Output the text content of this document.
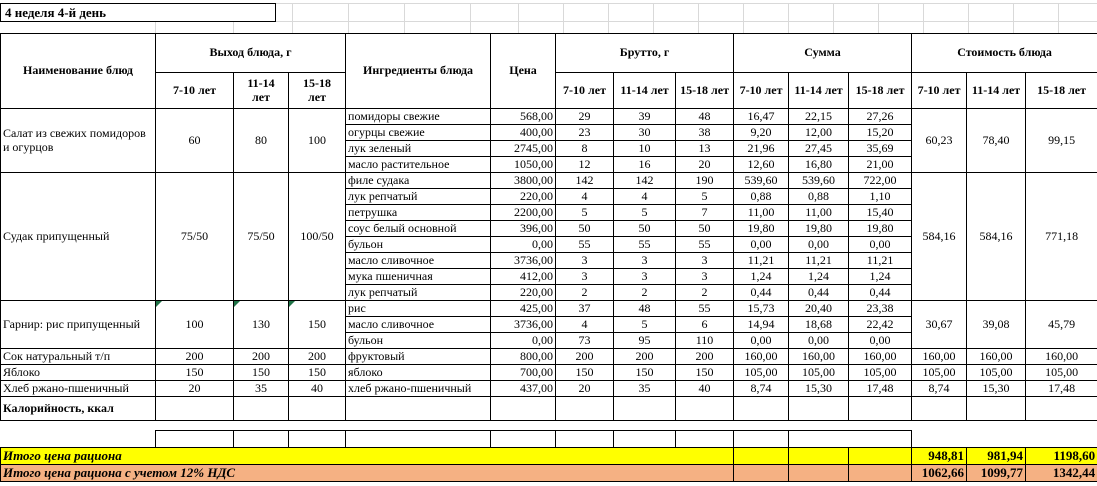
4 неделя 4-й день
Наименование блюд	Выход блюда, г			Ингредиенты блюда	Цена	Брутто, г			Сумма			Стоимость блюда		
	7-10 лет	11-14 лет	15-18 лет			7-10 лет	11-14 лет	15-18 лет	7-10 лет	11-14 лет	15-18 лет	7-10 лет	11-14 лет	15-18 лет
Салат из свежих помидоров и огурцов	60	80	100	помидоры свежие	568,00	29	39	48	16,47	22,15	27,26	60,23	78,40	99,15
				огурцы свежие	400,00	23	30	38	9,20	12,00	15,20			
				лук зеленый	2745,00	8	10	13	21,96	27,45	35,69			
				масло растительное	1050,00	12	16	20	12,60	16,80	21,00			
Судак припущенный	75/50	75/50	100/50	филе судака	3800,00	142	142	190	539,60	539,60	722,00	584,16	584,16	771,18
				лук репчатый	220,00	4	4	5	0,88	0,88	1,10			
				петрушка	2200,00	5	5	7	11,00	11,00	15,40			
				соус белый основной	396,00	50	50	50	19,80	19,80	19,80			
				бульон	0,00	55	55	55	0,00	0,00	0,00			
				масло сливочное	3736,00	3	3	3	11,21	11,21	11,21			
				мука пшеничная	412,00	3	3	3	1,24	1,24	1,24			
				лук репчатый	220,00	2	2	2	0,44	0,44	0,44			
Гарнир: рис припущенный	100	130	150	рис	425,00	37	48	55	15,73	20,40	23,38	30,67	39,08	45,79
				масло сливочное	3736,00	4	5	6	14,94	18,68	22,42			
				бульон	0,00	73	95	110	0,00	0,00	0,00			
Сок натуральный т/п	200	200	200	фруктовый	800,00	200	200	200	160,00	160,00	160,00	160,00	160,00	160,00
Яблоко	150	150	150	яблоко	700,00	150	150	150	105,00	105,00	105,00	105,00	105,00	105,00
Хлеб ржано-пшеничный	20	35	40	хлеб ржано-пшеничный	437,00	20	35	40	8,74	15,30	17,48	8,74	15,30	17,48
Калорийность, ккал														

Итого цена рациона												948,81	981,94	1198,60
Итого цена рациона с учетом 12% НДС												1062,66	1099,77	1342,44
